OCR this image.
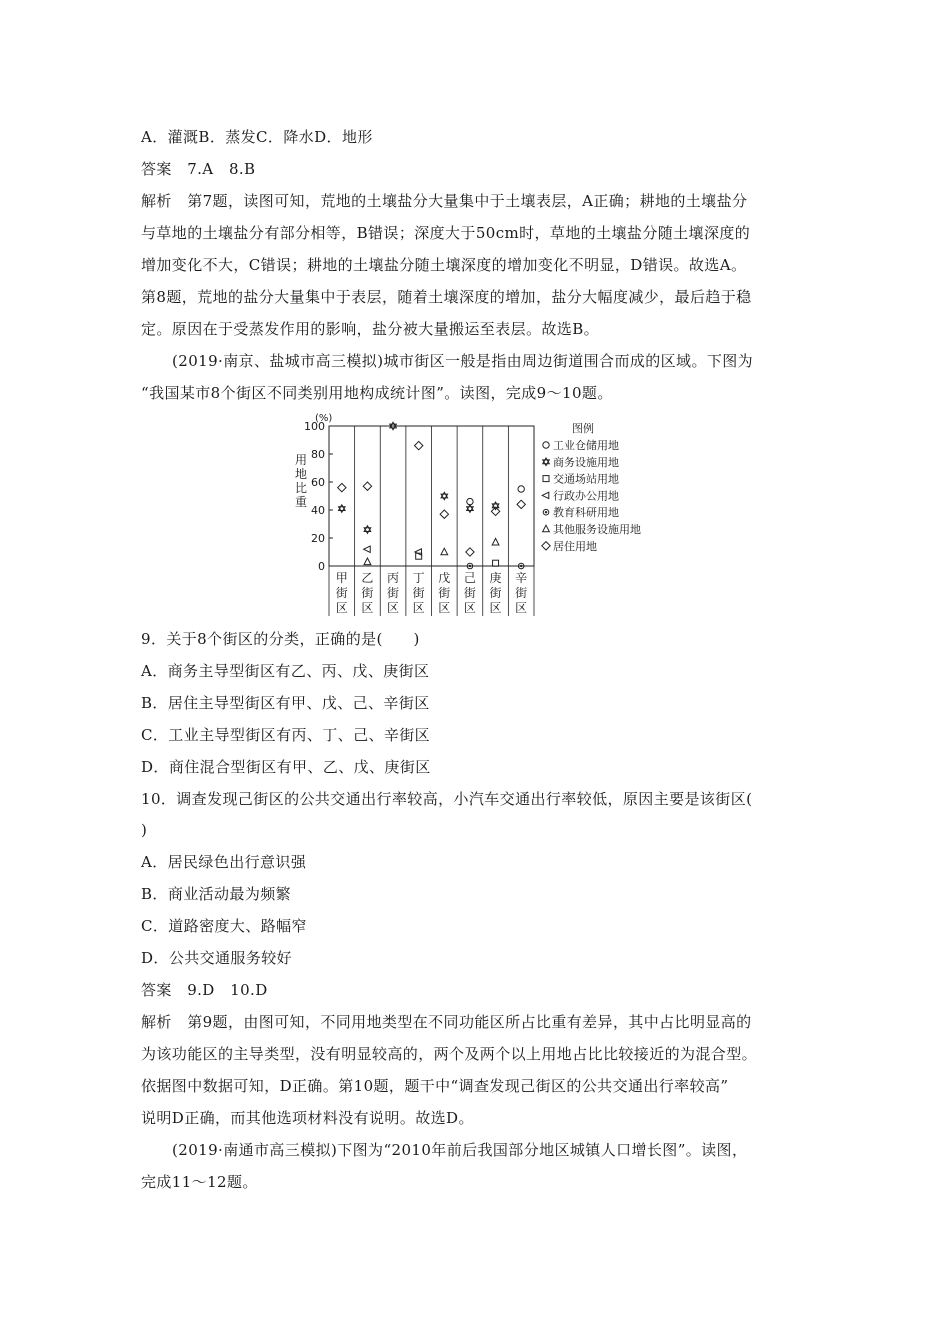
A．灌溉B．蒸发C．降水D．地形
答案　7.A　8.B
解析　第7题，读图可知，荒地的土壤盐分大量集中于土壤表层，A正确；耕地的土壤盐分
与草地的土壤盐分有部分相等，B错误；深度大于50cm时，草地的土壤盐分随土壤深度的
增加变化不大，C错误；耕地的土壤盐分随土壤深度的增加变化不明显，D错误。故选A。
第8题，荒地的盐分大量集中于表层，随着土壤深度的增加，盐分大幅度减少，最后趋于稳
定。原因在于受蒸发作用的影响，盐分被大量搬运至表层。故选B。
(2019·南京、盐城市高三模拟)城市街区一般是指由周边街道围合而成的区域。下图为
“我国某市8个街区不同类别用地构成统计图”。读图，完成9～10题。
100
80
60
40
20
0
(%)
用
地
比
重
甲
街
区
乙
街
区
丙
街
区
丁
街
区
戊
街
区
己
街
区
庚
街
区
辛
街
区
图例
工业仓储用地
商务设施用地
交通场站用地
行政办公用地
教育科研用地
其他服务设施用地
居住用地
9．关于8个街区的分类，正确的是(　　)
A．商务主导型街区有乙、丙、戊、庚街区
B．居住主导型街区有甲、戊、己、辛街区
C．工业主导型街区有丙、丁、己、辛街区
D．商住混合型街区有甲、乙、戊、庚街区
10．调查发现己街区的公共交通出行率较高，小汽车交通出行率较低，原因主要是该街区(
)
A．居民绿色出行意识强
B．商业活动最为频繁
C．道路密度大、路幅窄
D．公共交通服务较好
答案　9.D　10.D
解析　第9题，由图可知，不同用地类型在不同功能区所占比重有差异，其中占比明显高的
为该功能区的主导类型，没有明显较高的，两个及两个以上用地占比比较接近的为混合型。
依据图中数据可知，D正确。第10题，题干中“调查发现己街区的公共交通出行率较高”
说明D正确，而其他选项材料没有说明。故选D。
(2019·南通市高三模拟)下图为“2010年前后我国部分地区城镇人口增长图”。读图，
完成11～12题。
